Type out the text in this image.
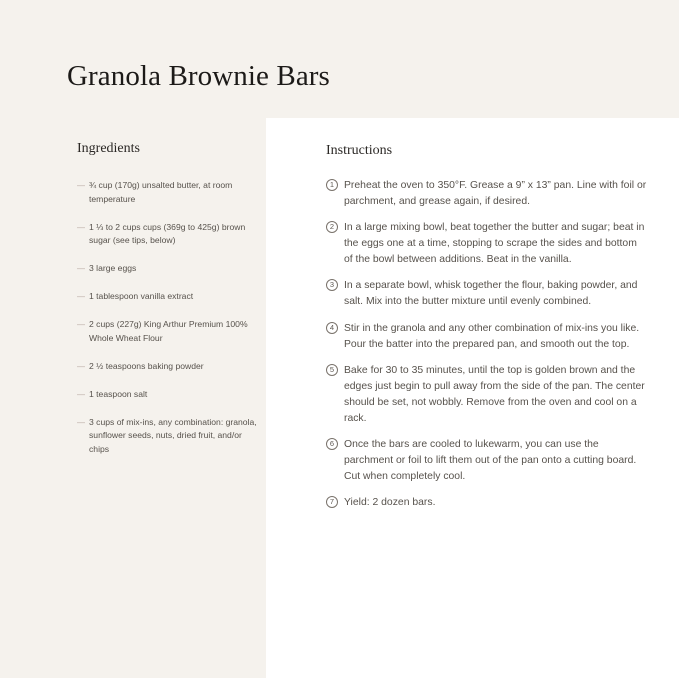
Granola Brownie Bars
Ingredients
— ¾ cup (170g) unsalted butter, at room temperature
— 1 ⅓ to 2 cups cups (369g to 425g) brown sugar (see tips, below)
— 3 large eggs
— 1 tablespoon vanilla extract
— 2 cups (227g) King Arthur Premium 100% Whole Wheat Flour
— 2 ½ teaspoons baking powder
— 1 teaspoon salt
— 3 cups of mix-ins, any combination: granola, sunflower seeds, nuts, dried fruit, and/or chips
Instructions
1 Preheat the oven to 350°F. Grease a 9” x 13” pan. Line with foil or parchment, and grease again, if desired.
2 In a large mixing bowl, beat together the butter and sugar; beat in the eggs one at a time, stopping to scrape the sides and bottom of the bowl between additions. Beat in the vanilla.
3 In a separate bowl, whisk together the flour, baking powder, and salt. Mix into the butter mixture until evenly combined.
4 Stir in the granola and any other combination of mix-ins you like. Pour the batter into the prepared pan, and smooth out the top.
5 Bake for 30 to 35 minutes, until the top is golden brown and the edges just begin to pull away from the side of the pan. The center should be set, not wobbly. Remove from the oven and cool on a rack.
6 Once the bars are cooled to lukewarm, you can use the parchment or foil to lift them out of the pan onto a cutting board. Cut when completely cool.
7 Yield: 2 dozen bars.
